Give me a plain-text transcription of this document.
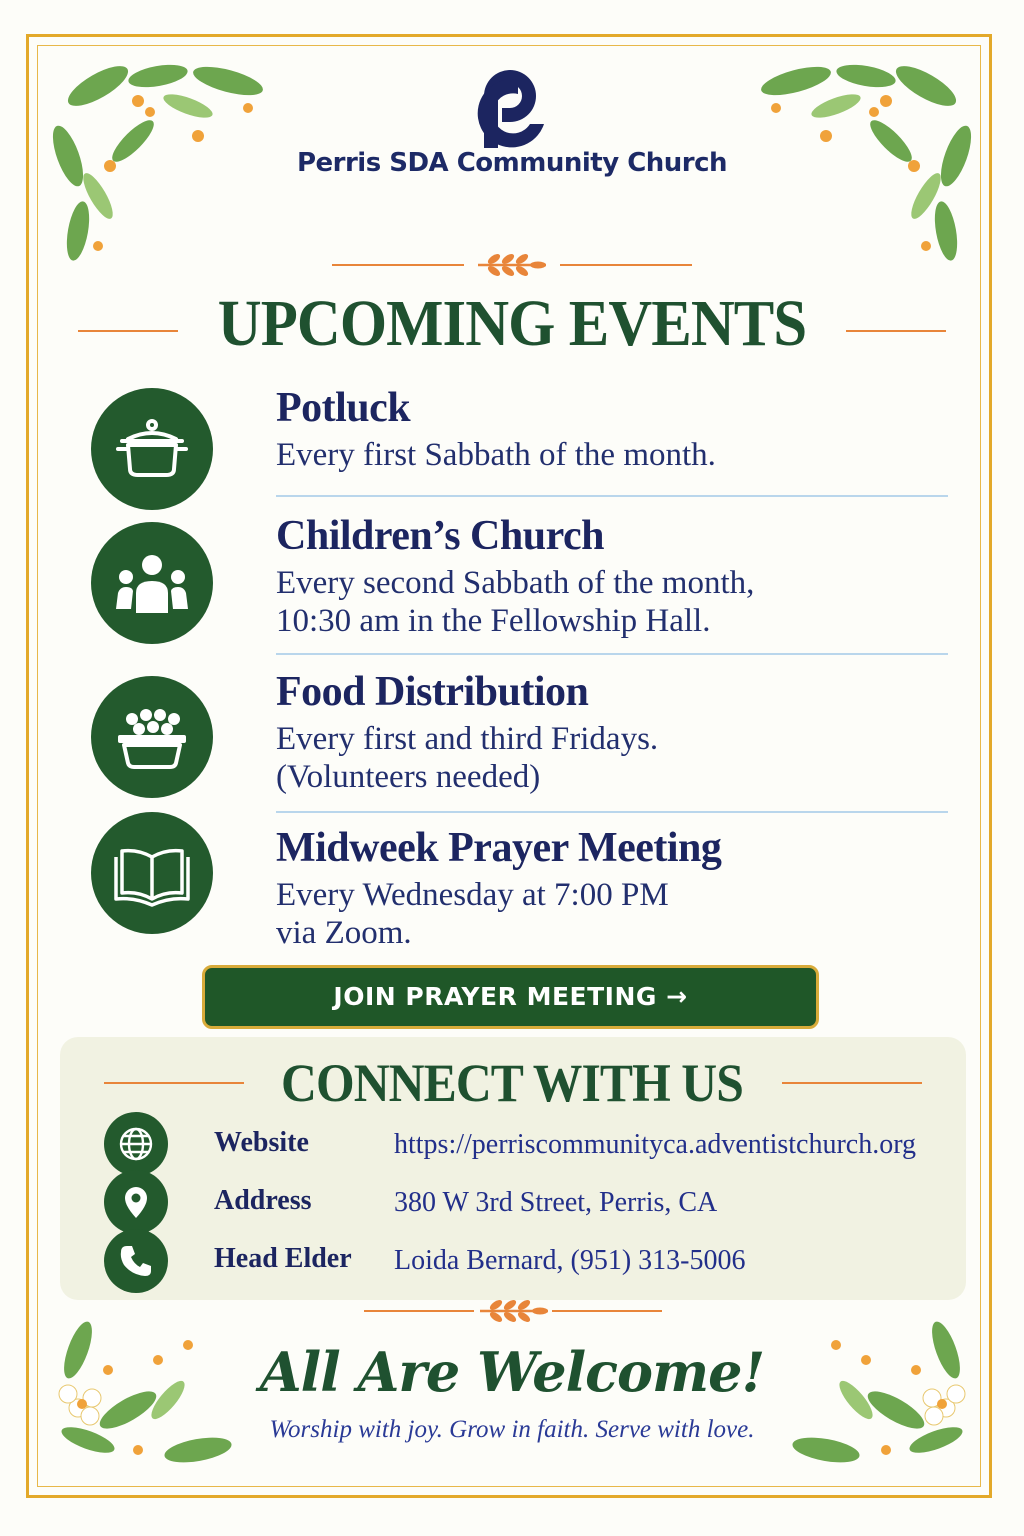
Perris SDA Community Church
UPCOMING EVENTS
Potluck
Every first Sabbath of the month.
Children’s Church
Every second Sabbath of the month,
10:30 am in the Fellowship Hall.
Food Distribution
Every first and third Fridays.
(Volunteers needed)
Midweek Prayer Meeting
Every Wednesday at 7:00 PM
via Zoom.
JOIN PRAYER MEETING →
CONNECT WITH US
Website	https://perriscommunityca.adventistchurch.org
Address	380 W 3rd Street, Perris, CA
Head Elder Loida Bernard, (951) 313-5006
All Are Welcome!
Worship with joy. Grow in faith. Serve with love.
